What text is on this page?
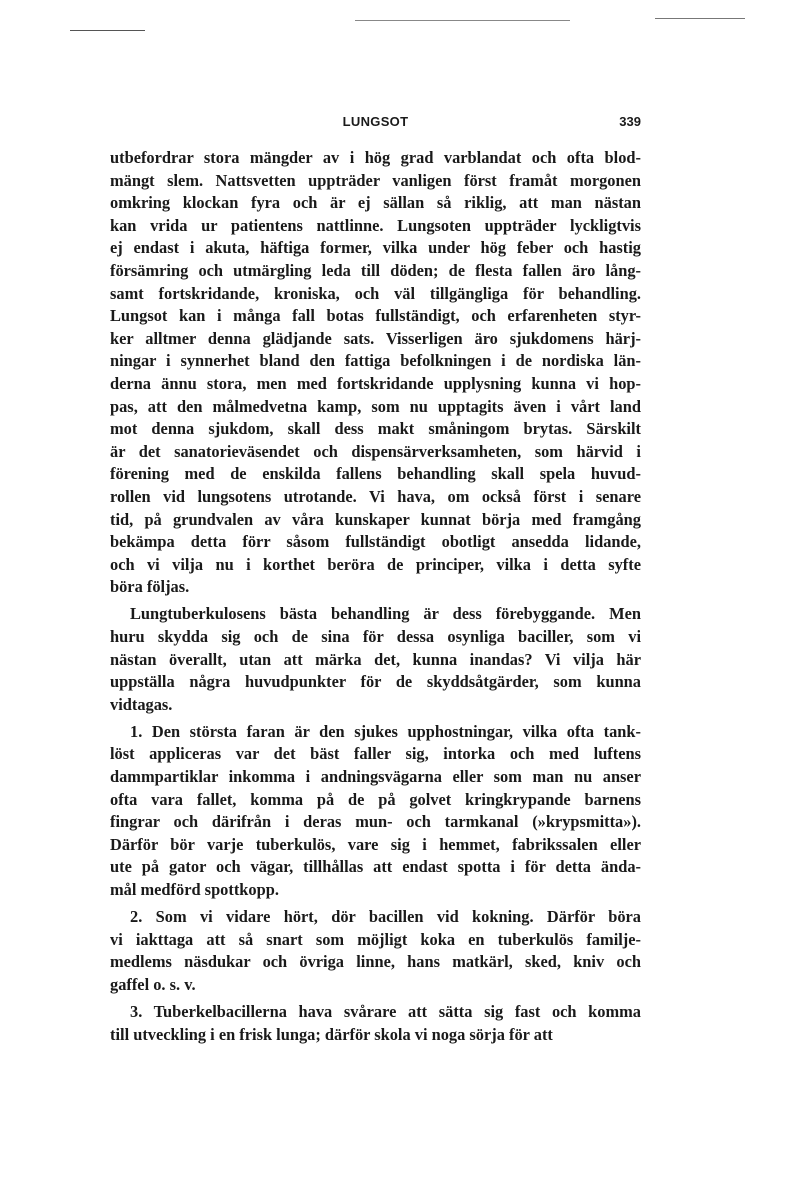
LUNGSOT	339

utbefordrar stora mängder av i hög grad varblandat och ofta blod-
mängt slem. Nattsvetten uppträder vanligen först framåt morgonen
omkring klockan fyra och är ej sällan så riklig, att man nästan
kan vrida ur patientens nattlinne. Lungsoten uppträder lyckligtvis
ej endast i akuta, häftiga former, vilka under hög feber och hastig
försämring och utmärgling leda till döden; de flesta fallen äro lång-
samt fortskridande, kroniska, och väl tillgängliga för behandling.
Lungsot kan i många fall botas fullständigt, och erfarenheten styr-
ker alltmer denna glädjande sats. Visserligen äro sjukdomens härj-
ningar i synnerhet bland den fattiga befolkningen i de nordiska län-
derna ännu stora, men med fortskridande upplysning kunna vi hop-
pas, att den målmedvetna kamp, som nu upptagits även i vårt land
mot denna sjukdom, skall dess makt småningom brytas. Särskilt
är det sanatorieväsendet och dispensärverksamheten, som härvid i
förening med de enskilda fallens behandling skall spela huvud-
rollen vid lungsotens utrotande. Vi hava, om också först i senare
tid, på grundvalen av våra kunskaper kunnat börja med framgång
bekämpa detta förr såsom fullständigt obotligt ansedda lidande,
och vi vilja nu i korthet beröra de principer, vilka i detta syfte
böra följas.

Lungtuberkulosens bästa behandling är dess förebyggande. Men
huru skydda sig och de sina för dessa osynliga baciller, som vi
nästan överallt, utan att märka det, kunna inandas? Vi vilja här
uppställa några huvudpunkter för de skyddsåtgärder, som kunna
vidtagas.

1. Den största faran är den sjukes upphostningar, vilka ofta tank-
löst appliceras var det bäst faller sig, intorka och med luftens
dammpartiklar inkomma i andningsvägarna eller som man nu anser
ofta vara fallet, komma på de på golvet kringkrypande barnens
fingrar och därifrån i deras mun- och tarmkanal (»krypsmitta»).
Därför bör varje tuberkulös, vare sig i hemmet, fabrikssalen eller
ute på gator och vägar, tillhållas att endast spotta i för detta ända-
mål medförd spottkopp.

2. Som vi vidare hört, dör bacillen vid kokning. Därför böra
vi iakttaga att så snart som möjligt koka en tuberkulös familje-
medlems näsdukar och övriga linne, hans matkärl, sked, kniv och
gaffel o. s. v.

3. Tuberkelbacillerna hava svårare att sätta sig fast och komma
till utveckling i en frisk lunga; därför skola vi noga sörja för att
